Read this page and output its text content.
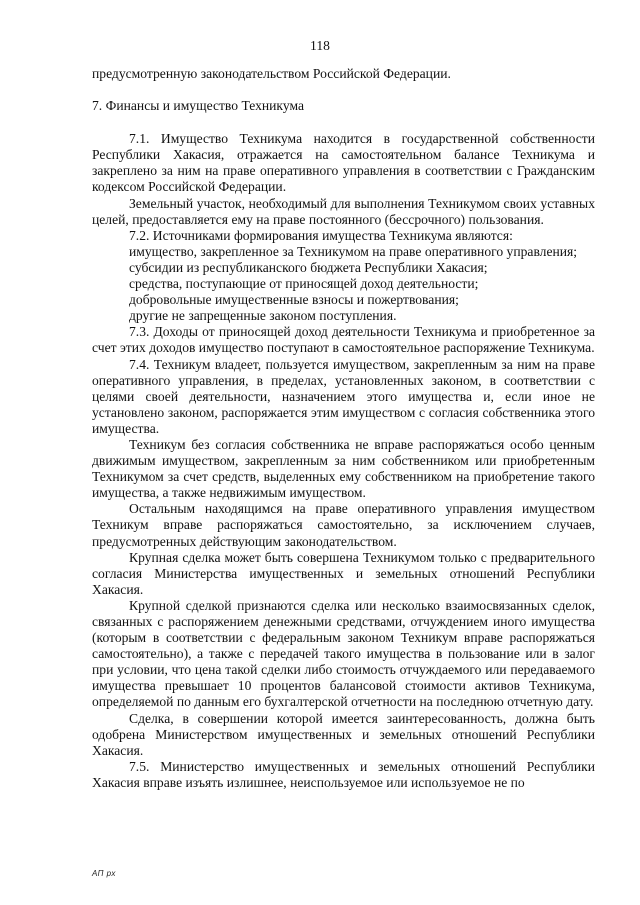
118

предусмотренную законодательством Российской Федерации.

7. Финансы и имущество Техникума

7.1. Имущество Техникума находится в государственной собственности Республики Хакасия, отражается на самостоятельном балансе Техникума и закреплено за ним на праве оперативного управления в соответствии с Гражданским кодексом Российской Федерации.

Земельный участок, необходимый для выполнения Техникумом своих уставных целей, предоставляется ему на праве постоянного (бессрочного) пользования.

7.2. Источниками формирования имущества Техникума являются:

имущество, закрепленное за Техникумом на праве оперативного управления;

субсидии из республиканского бюджета Республики Хакасия;

средства, поступающие от приносящей доход деятельности;

добровольные имущественные взносы и пожертвования;

другие не запрещенные законом поступления.

7.3. Доходы от приносящей доход деятельности Техникума и приобретенное за счет этих доходов имущество поступают в самостоятельное распоряжение Техникума.

7.4. Техникум владеет, пользуется имуществом, закрепленным за ним на праве оперативного управления, в пределах, установленных законом, в соответствии с целями своей деятельности, назначением этого имущества и, если иное не установлено законом, распоряжается этим имуществом с согласия собственника этого имущества.

Техникум без согласия собственника не вправе распоряжаться особо ценным движимым имуществом, закрепленным за ним собственником или приобретенным Техникумом за счет средств, выделенных ему собственником на приобретение такого имущества, а также недвижимым имуществом.

Остальным находящимся на праве оперативного управления имуществом Техникум вправе распоряжаться самостоятельно, за исключением случаев, предусмотренных действующим законодательством.

Крупная сделка может быть совершена Техникумом только с предварительного согласия Министерства имущественных и земельных отношений Республики Хакасия.

Крупной сделкой признаются сделка или несколько взаимосвязанных сделок, связанных с распоряжением денежными средствами, отчуждением иного имущества (которым в соответствии с федеральным законом Техникум вправе распоряжаться самостоятельно), а также с передачей такого имущества в пользование или в залог при условии, что цена такой сделки либо стоимость отчуждаемого или передаваемого имущества превышает 10 процентов балансовой стоимости активов Техникума, определяемой по данным его бухгалтерской отчетности на последнюю отчетную дату.

Сделка, в совершении которой имеется заинтересованность, должна быть одобрена Министерством имущественных и земельных отношений Республики Хакасия.

7.5. Министерство имущественных и земельных отношений Республики Хакасия вправе изъять излишнее, неиспользуемое или используемое не по

АП рх
